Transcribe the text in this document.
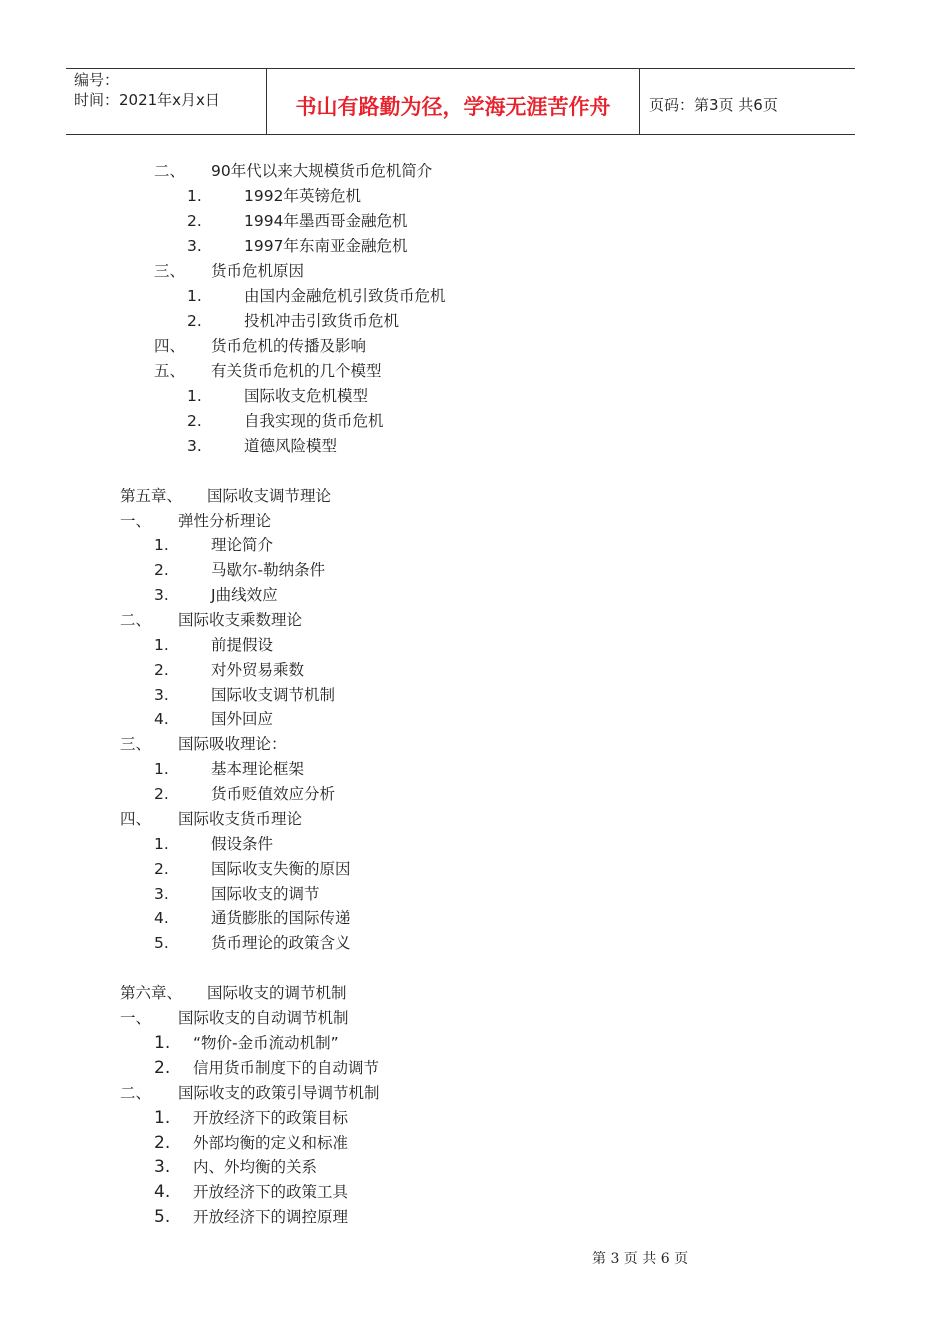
编号：
时间：2021年x月x日	书山有路勤为径，学海无涯苦作舟	页码：第3页 共6页
二、 90年代以来大规模货币危机简介
1.	1992年英镑危机
2.	1994年墨西哥金融危机
3.	1997年东南亚金融危机
三、 货币危机原因
1.	由国内金融危机引致货币危机
2.	投机冲击引致货币危机
四、 货币危机的传播及影响
五、 有关货币危机的几个模型
1.	国际收支危机模型
2.	自我实现的货币危机
3.	道德风险模型
第五章、 国际收支调节理论
一、 弹性分析理论
1.	理论简介
2.	马歇尔-勒纳条件
3.	J曲线效应
二、 国际收支乘数理论
1.	前提假设
2.	对外贸易乘数
3.	国际收支调节机制
4.	国外回应
三、 国际吸收理论：
1.	基本理论框架
2.	货币贬值效应分析
四、 国际收支货币理论
1.	假设条件
2.	国际收支失衡的原因
3.	国际收支的调节
4.	通货膨胀的国际传递
5.	货币理论的政策含义
第六章、 国际收支的调节机制
一、 国际收支的自动调节机制
1. “物价-金币流动机制”
2. 信用货币制度下的自动调节
二、 国际收支的政策引导调节机制
1. 开放经济下的政策目标
2. 外部均衡的定义和标准
3. 内、外均衡的关系
4. 开放经济下的政策工具
5. 开放经济下的调控原理
第 3 页 共 6 页
